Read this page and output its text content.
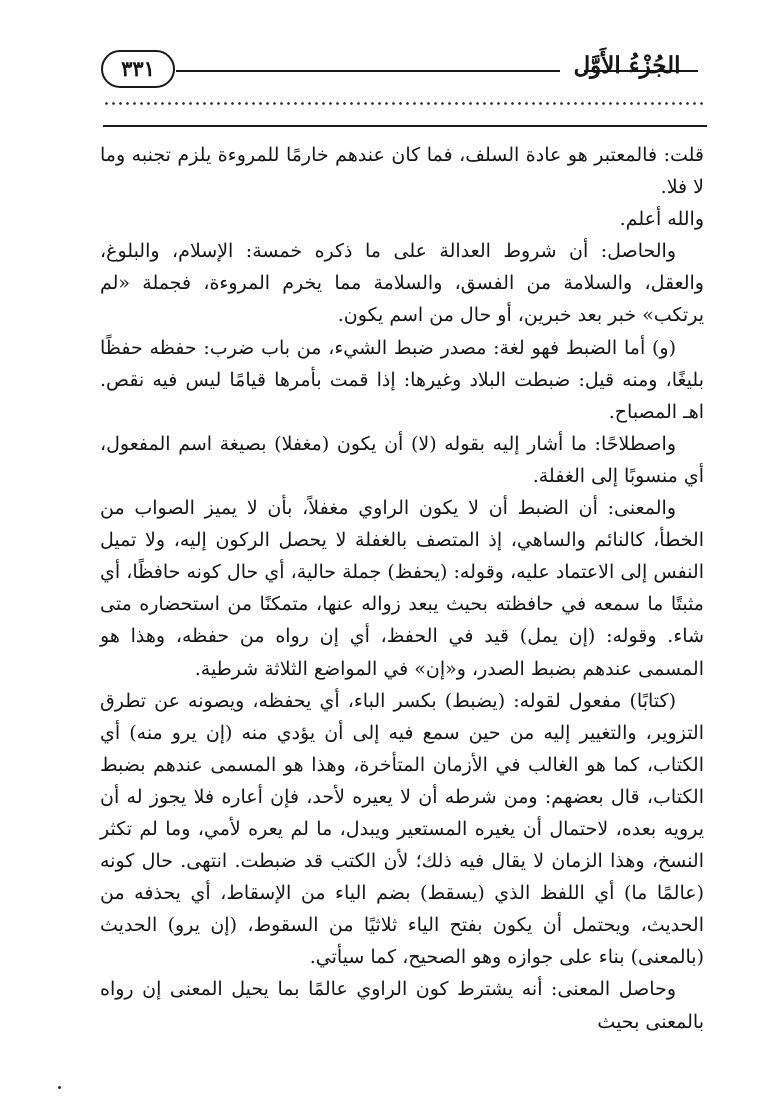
الجُزْءُ الأَوَّل
٣٣١

قلت: فالمعتبر هو عادة السلف، فما كان عندهم خارمًا للمروءة يلزم تجنبه وما لا فلا.

والله أعلم.

والحاصل: أن شروط العدالة على ما ذكره خمسة: الإسلام، والبلوغ، والعقل، والسلامة من الفسق، والسلامة مما يخرم المروءة، فجملة «لم يرتكب» خبر بعد خبرين، أو حال من اسم يكون.

(و) أما الضبط فهو لغة: مصدر ضبط الشيء، من باب ضرب: حفظه حفظًا بليغًا، ومنه قيل: ضبطت البلاد وغيرها: إذا قمت بأمرها قيامًا ليس فيه نقص. اهـ المصباح.

واصطلاحًا: ما أشار إليه بقوله (لا) أن يكون (مغفلا) بصيغة اسم المفعول، أي منسوبًا إلى الغفلة.

والمعنى: أن الضبط أن لا يكون الراوي مغفلاً، بأن لا يميز الصواب من الخطأ، كالنائم والساهي، إذ المتصف بالغفلة لا يحصل الركون إليه، ولا تميل النفس إلى الاعتماد عليه، وقوله: (يحفظ) جملة حالية، أي حال كونه حافظًا، أي مثبتًا ما سمعه في حافظته بحيث يبعد زواله عنها، متمكنًا من استحضاره متى شاء. وقوله: (إن يمل) قيد في الحفظ، أي إن رواه من حفظه، وهذا هو المسمى عندهم بضبط الصدر، و«إن» في المواضع الثلاثة شرطية.

(كتابًا) مفعول لقوله: (يضبط) بكسر الباء، أي يحفظه، ويصونه عن تطرق التزوير، والتغيير إليه من حين سمع فيه إلى أن يؤدي منه (إن يرو منه) أي الكتاب، كما هو الغالب في الأزمان المتأخرة، وهذا هو المسمى عندهم بضبط الكتاب، قال بعضهم: ومن شرطه أن لا يعيره لأحد، فإن أعاره فلا يجوز له أن يرويه بعده، لاحتمال أن يغيره المستعير ويبدل، ما لم يعره لأمي، وما لم تكثر النسخ، وهذا الزمان لا يقال فيه ذلك؛ لأن الكتب قد ضبطت. انتهى. حال كونه (عالمًا ما) أي اللفظ الذي (يسقط) بضم الياء من الإسقاط، أي يحذفه من الحديث، ويحتمل أن يكون بفتح الياء ثلاثيًا من السقوط، (إن يرو) الحديث (بالمعنى) بناء على جوازه وهو الصحيح، كما سيأتي.

وحاصل المعنى: أنه يشترط كون الراوي عالمًا بما يحيل المعنى إن رواه بالمعنى بحيث
